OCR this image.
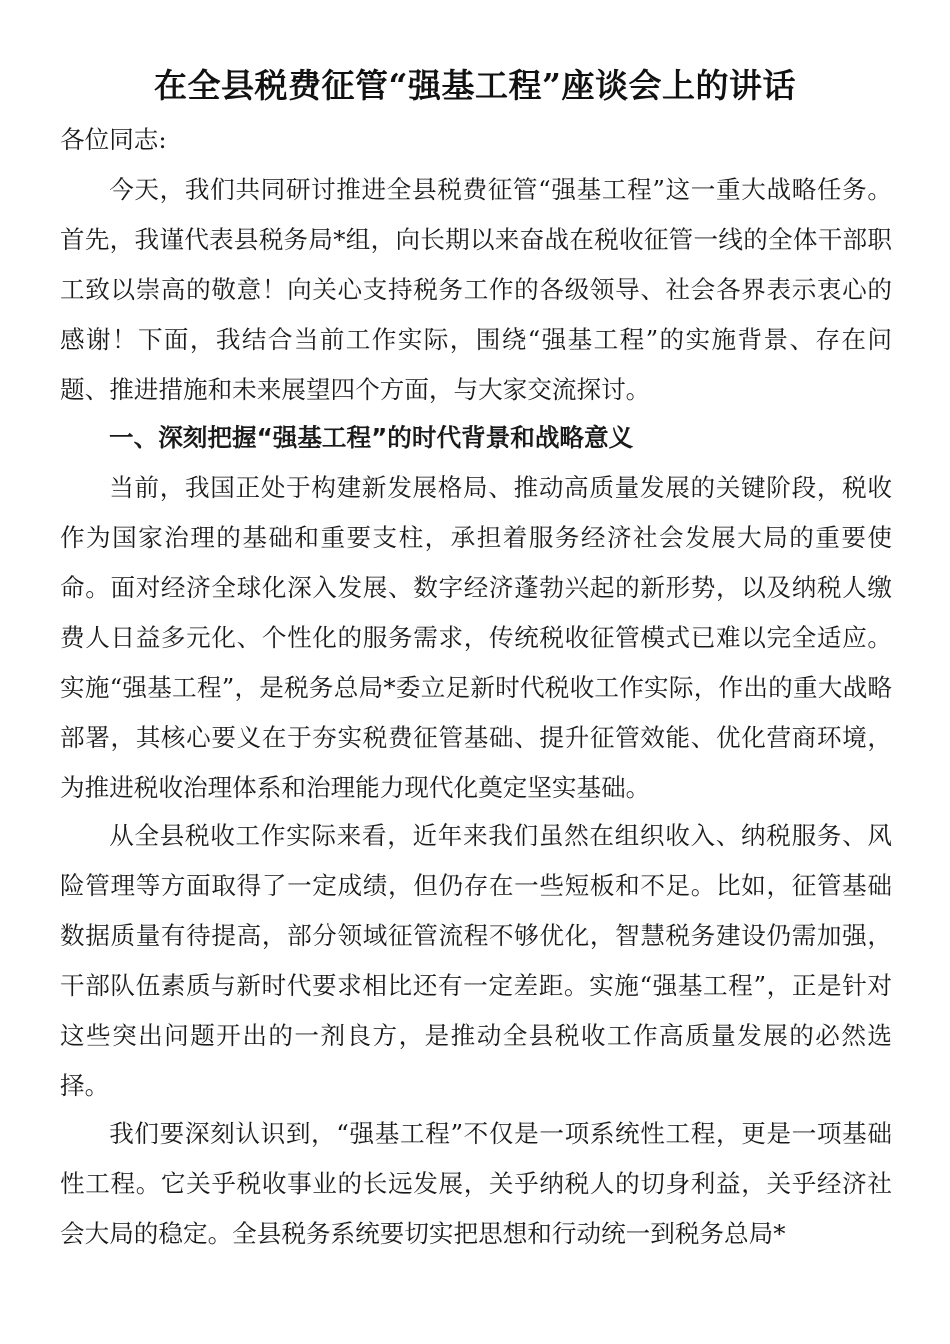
在全县税费征管“强基工程”座谈会上的讲话
各位同志:

今天，我们共同研讨推进全县税费征管“强基工程”这一重大战略任务。首先，我谨代表县税务局*组，向长期以来奋战在税收征管一线的全体干部职工致以崇高的敬意！向关心支持税务工作的各级领导、社会各界表示衷心的感谢！下面，我结合当前工作实际，围绕“强基工程”的实施背景、存在问题、推进措施和未来展望四个方面，与大家交流探讨。

一、深刻把握“强基工程”的时代背景和战略意义

当前，我国正处于构建新发展格局、推动高质量发展的关键阶段，税收作为国家治理的基础和重要支柱，承担着服务经济社会发展大局的重要使命。面对经济全球化深入发展、数字经济蓬勃兴起的新形势，以及纳税人缴费人日益多元化、个性化的服务需求，传统税收征管模式已难以完全适应。实施“强基工程”，是税务总局*委立足新时代税收工作实际，作出的重大战略部署，其核心要义在于夯实税费征管基础、提升征管效能、优化营商环境，为推进税收治理体系和治理能力现代化奠定坚实基础。

从全县税收工作实际来看，近年来我们虽然在组织收入、纳税服务、风险管理等方面取得了一定成绩，但仍存在一些短板和不足。比如，征管基础数据质量有待提高，部分领域征管流程不够优化，智慧税务建设仍需加强，干部队伍素质与新时代要求相比还有一定差距。实施“强基工程”，正是针对这些突出问题开出的一剂良方，是推动全县税收工作高质量发展的必然选择。

我们要深刻认识到，“强基工程”不仅是一项系统性工程，更是一项基础性工程。它关乎税收事业的长远发展，关乎纳税人的切身利益，关乎经济社会大局的稳定。全县税务系统要切实把思想和行动统一到税务总局*
